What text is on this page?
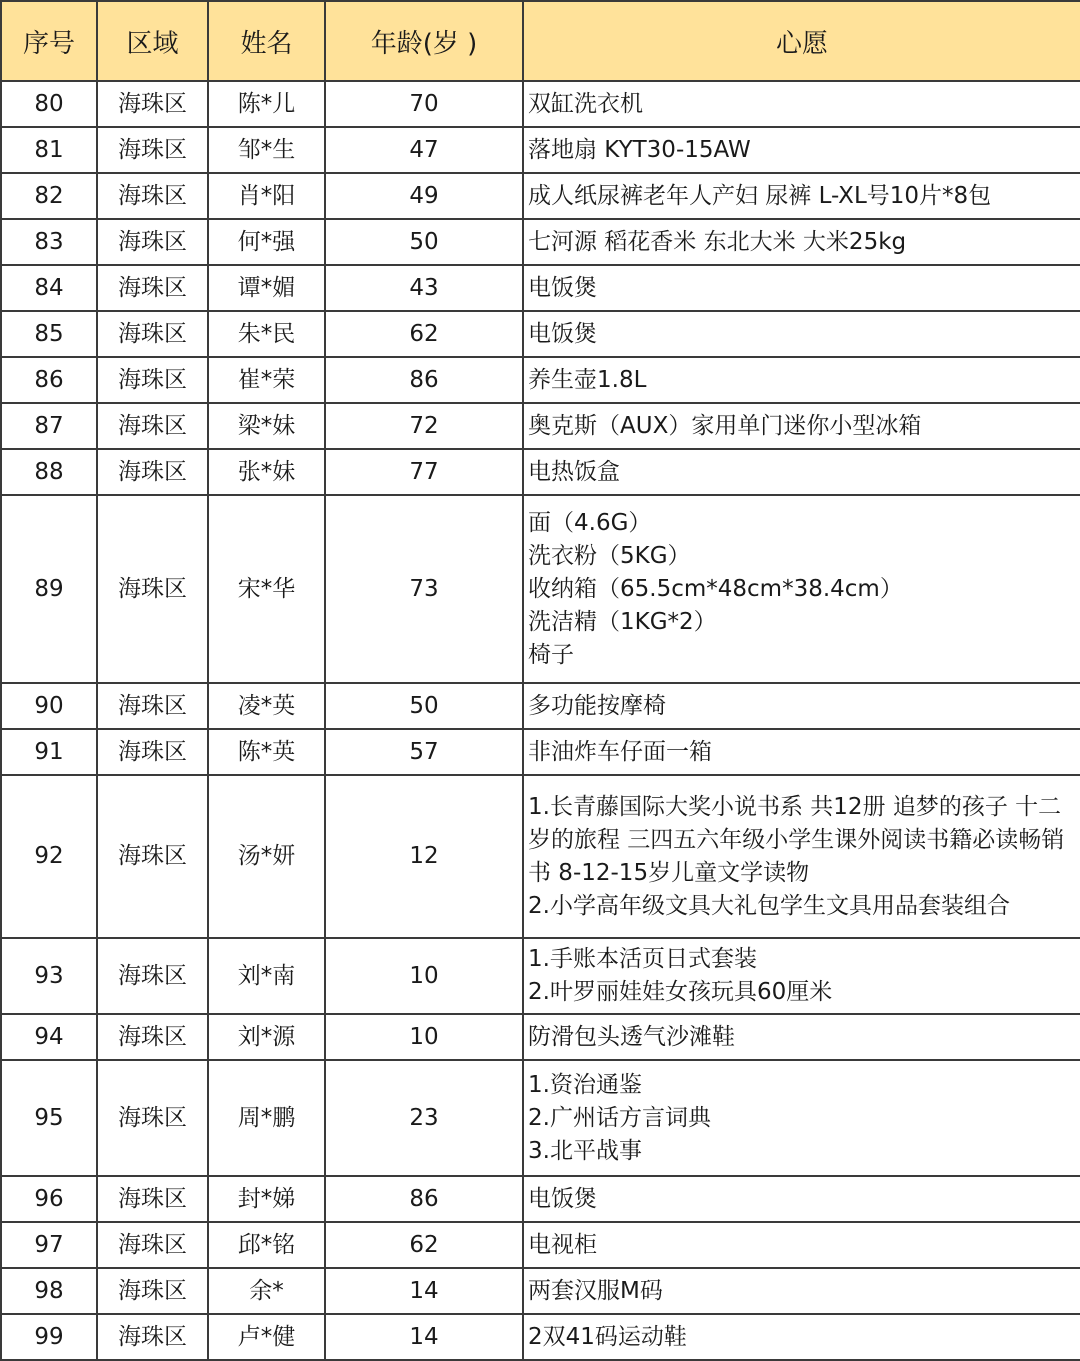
序号	区域	姓名	年龄(岁 )	心愿
80	海珠区	陈*儿	70	双缸洗衣机

81	海珠区	邹*生	47	落地扇 KYT30-15AW

82	海珠区	肖*阳	49	成人纸尿裤老年人产妇 尿裤 L-XL号10片*8包

83	海珠区	何*强	50	七河源 稻花香米 东北大米 大米25kg

84	海珠区	谭*媚	43	电饭煲

85	海珠区	朱*民	62	电饭煲

86	海珠区	崔*荣	86	养生壶1.8L

87	海珠区	梁*妹	72	奥克斯（AUX）家用单门迷你小型冰箱

88	海珠区	张*妹	77	电热饭盒

89	海珠区	宋*华	73	面（4.6G）
洗衣粉（5KG）
收纳箱（65.5cm*48cm*38.4cm）
洗洁精（1KG*2）
椅子

90	海珠区	凌*英	50	多功能按摩椅

91	海珠区	陈*英	57	非油炸车仔面一箱

92	海珠区	汤*妍	12	1.长青藤国际大奖小说书系 共12册 追梦的孩子 十二岁的旅程 三四五六年级小学生课外阅读书籍必读畅销书 8-12-15岁儿童文学读物
2.小学高年级文具大礼包学生文具用品套装组合

93	海珠区	刘*南	10	1.手账本活页日式套装
2.叶罗丽娃娃女孩玩具60厘米

94	海珠区	刘*源	10	防滑包头透气沙滩鞋

95	海珠区	周*鹏	23	1.资治通鉴
2.广州话方言词典
3.北平战事

96	海珠区	封*娣	86	电饭煲

97	海珠区	邱*铭	62	电视柜

98	海珠区	余*	14	两套汉服M码

99	海珠区	卢*健	14	2双41码运动鞋
